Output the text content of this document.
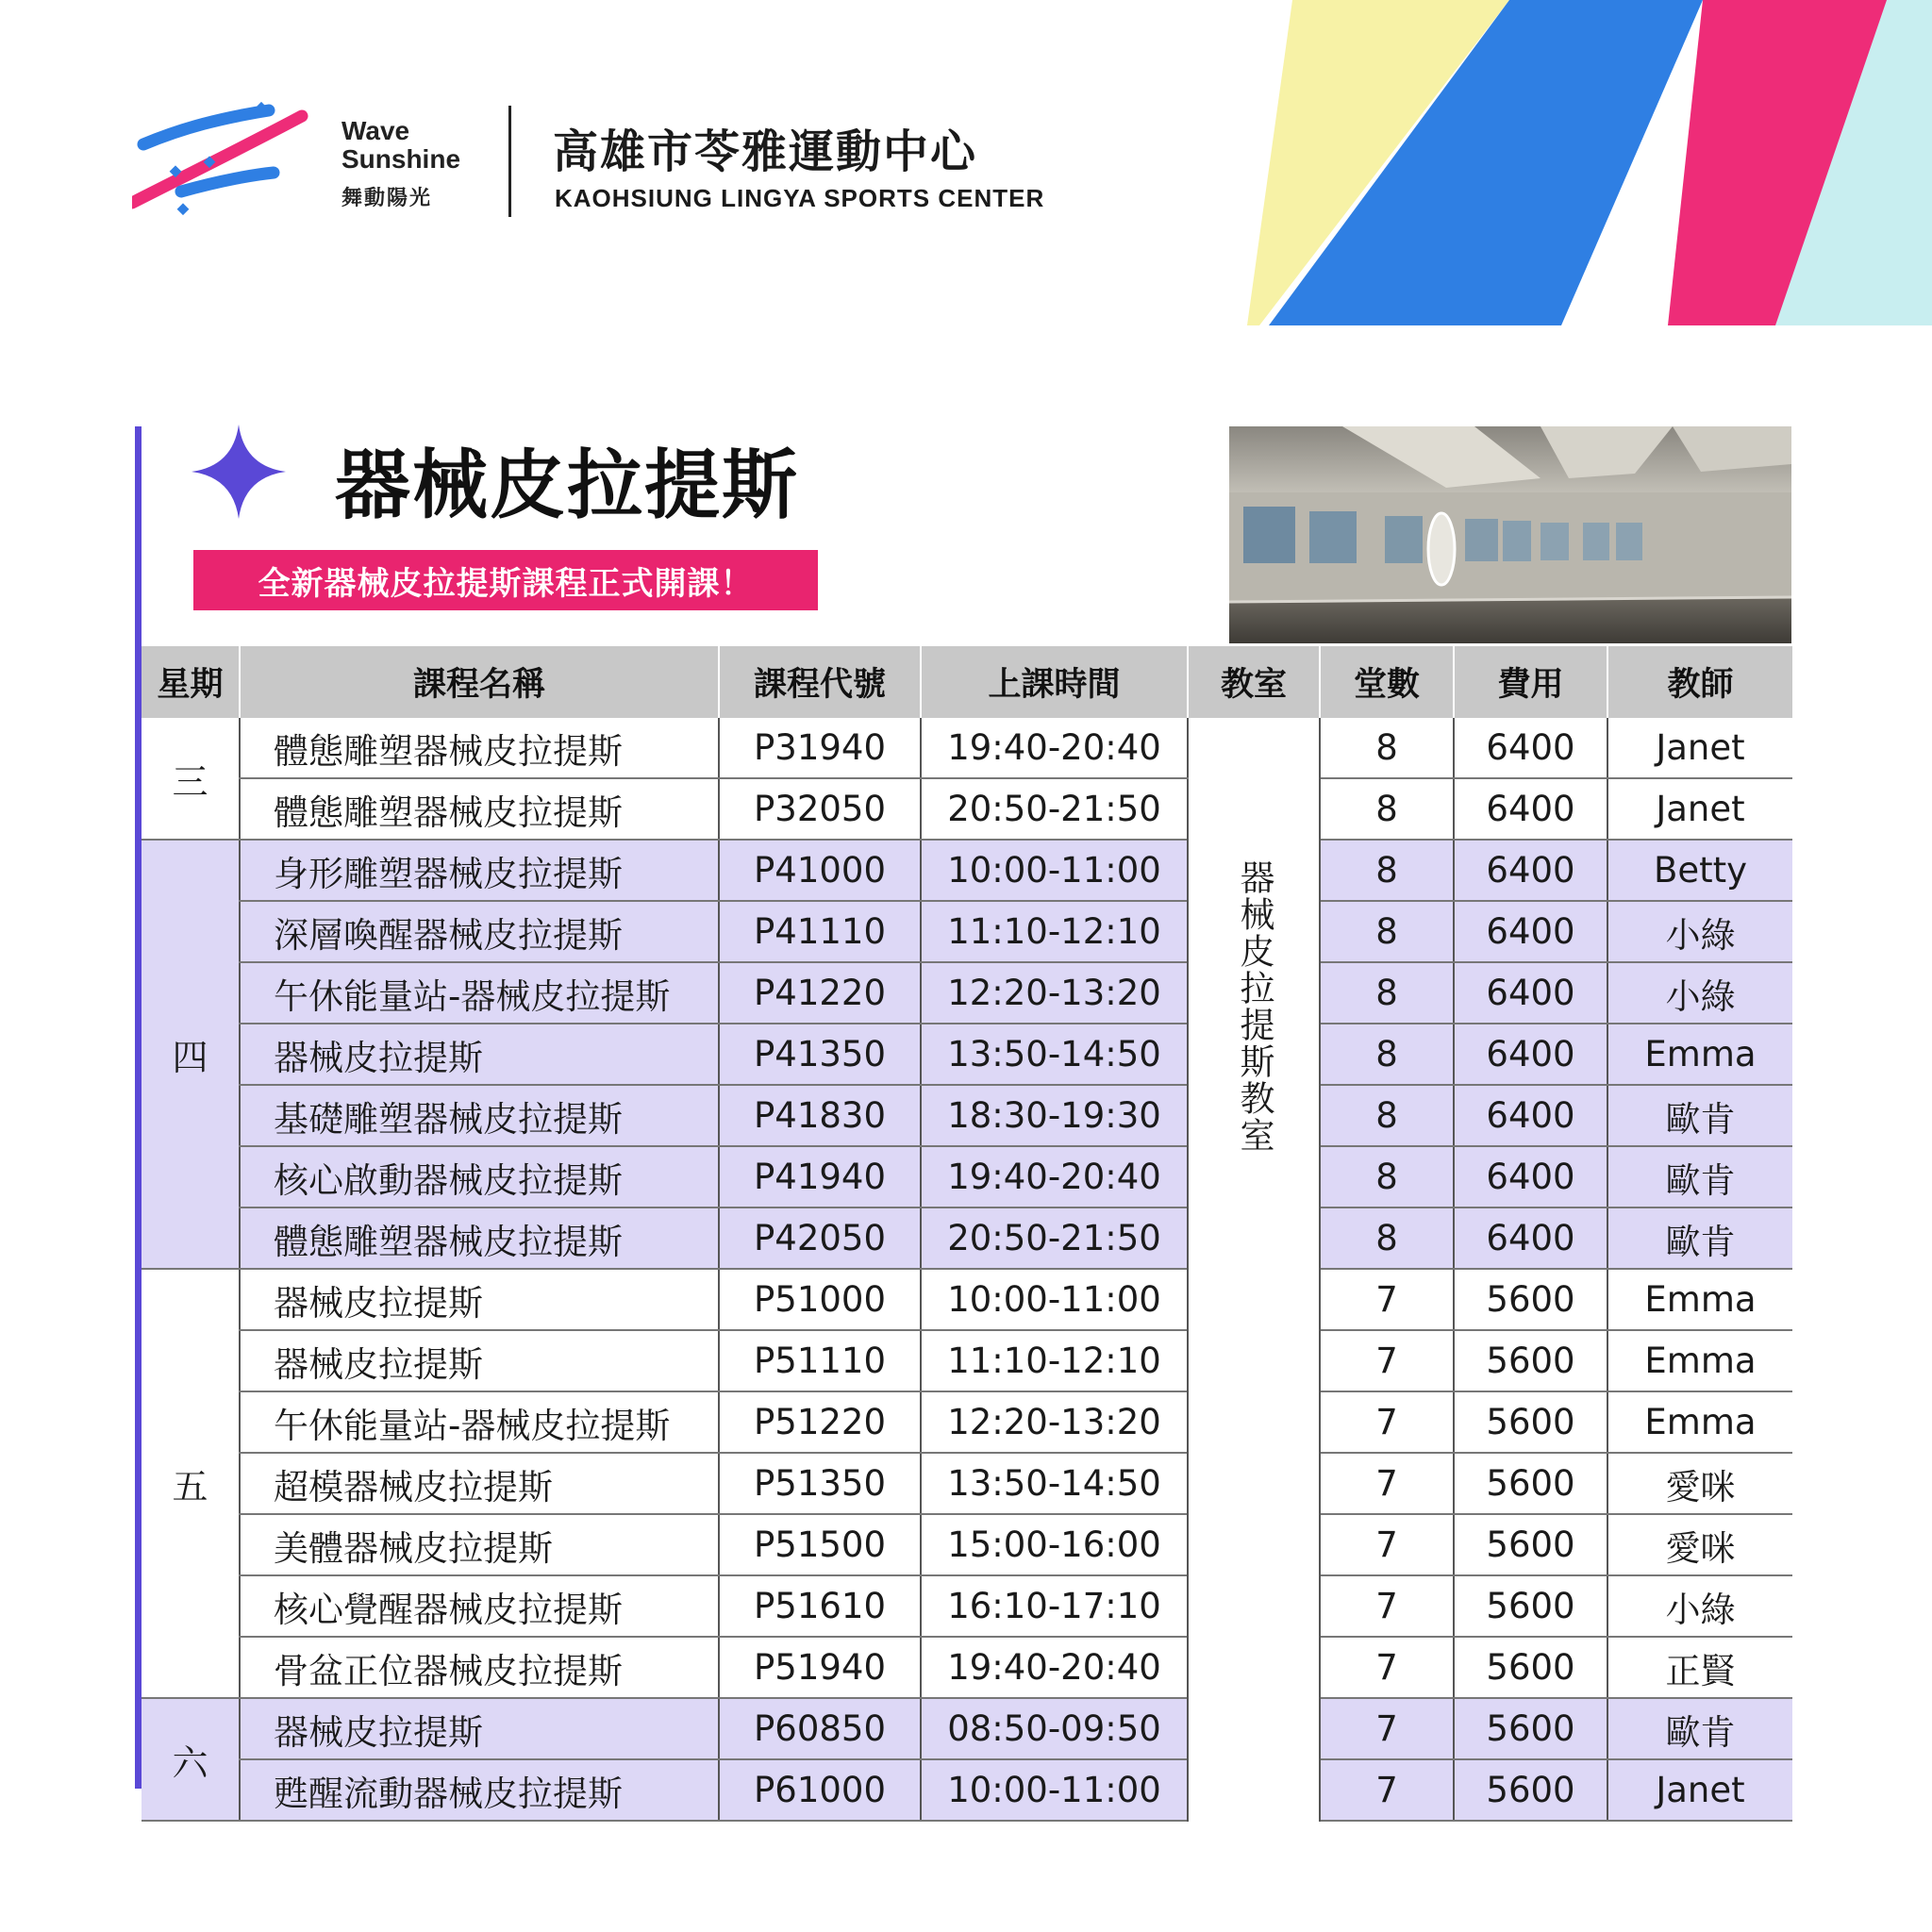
Wave
Sunshine
舞動陽光
高雄市苓雅運動中心
KAOHSIUNG LINGYA SPORTS CENTER
器械皮拉提斯
全新器械皮拉提斯課程正式開課！
星期	課程名稱	課程代號	上課時間	教室	堂數	費用	教師
三	體態雕塑器械皮拉提斯	P31940	19:40-20:40	器械皮拉提斯教室	8	6400	Janet
	體態雕塑器械皮拉提斯	P32050	20:50-21:50		8	6400	Janet
四	身形雕塑器械皮拉提斯	P41000	10:00-11:00		8	6400	Betty
	深層喚醒器械皮拉提斯	P41110	11:10-12:10		8	6400	小綠
	午休能量站-器械皮拉提斯	P41220	12:20-13:20		8	6400	小綠
	器械皮拉提斯	P41350	13:50-14:50		8	6400	Emma
	基礎雕塑器械皮拉提斯	P41830	18:30-19:30		8	6400	歐肯
	核心啟動器械皮拉提斯	P41940	19:40-20:40		8	6400	歐肯
	體態雕塑器械皮拉提斯	P42050	20:50-21:50		8	6400	歐肯
五	器械皮拉提斯	P51000	10:00-11:00		7	5600	Emma
	器械皮拉提斯	P51110	11:10-12:10		7	5600	Emma
	午休能量站-器械皮拉提斯	P51220	12:20-13:20		7	5600	Emma
	超模器械皮拉提斯	P51350	13:50-14:50		7	5600	愛咪
	美體器械皮拉提斯	P51500	15:00-16:00		7	5600	愛咪
	核心覺醒器械皮拉提斯	P51610	16:10-17:10		7	5600	小綠
	骨盆正位器械皮拉提斯	P51940	19:40-20:40		7	5600	正賢
六	器械皮拉提斯	P60850	08:50-09:50		7	5600	歐肯
	甦醒流動器械皮拉提斯	P61000	10:00-11:00		7	5600	Janet
